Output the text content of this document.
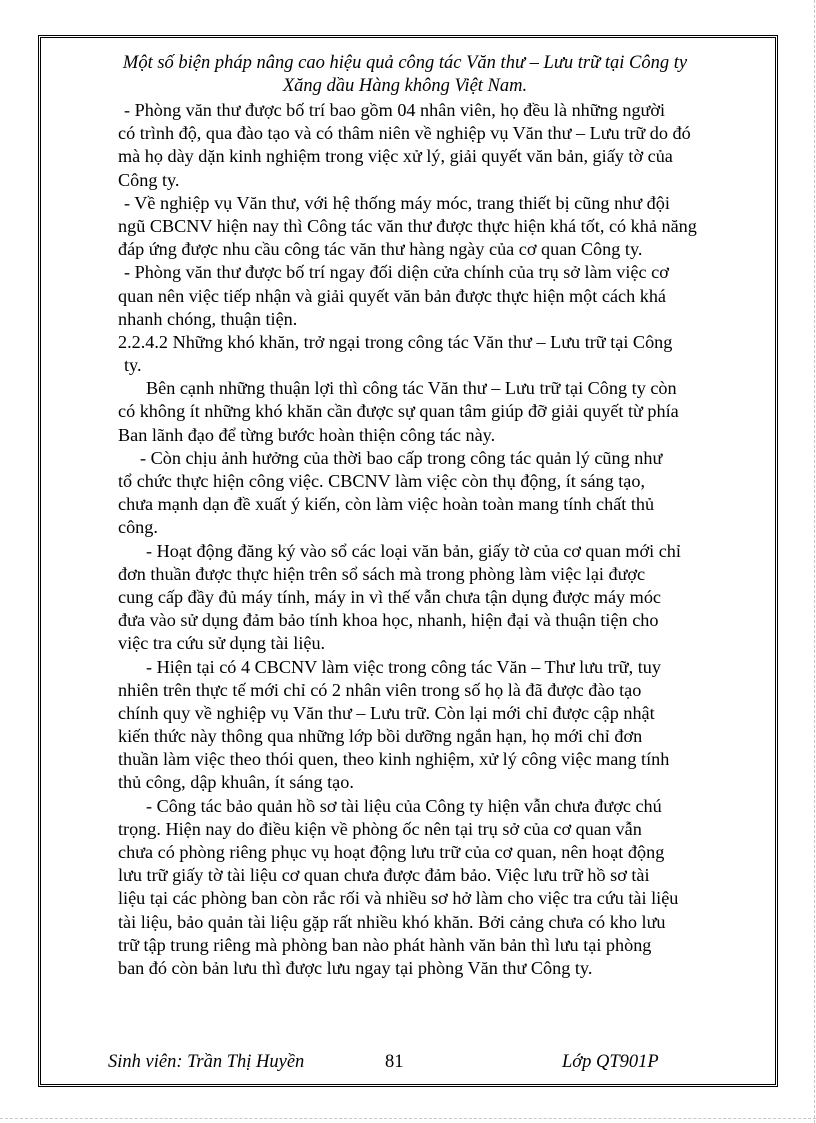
Một số biện pháp nâng cao hiệu quả công tác Văn thư – Lưu trữ tại Công ty
Xăng dầu Hàng không Việt Nam.
- Phòng văn thư được bố trí bao gồm 04 nhân viên, họ đều là những người
có trình độ, qua đào tạo và có thâm niên về nghiệp vụ Văn thư – Lưu trữ do đó
mà họ dày dặn kinh nghiệm trong việc xử lý, giải quyết văn bản, giấy tờ của
Công ty.
- Về nghiệp vụ Văn thư, với hệ thống máy móc, trang thiết bị cũng như đội
ngũ CBCNV hiện nay thì Công tác văn thư được thực hiện khá tốt, có khả năng
đáp ứng được nhu cầu công tác văn thư hàng ngày của cơ quan Công ty.
- Phòng văn thư được bố trí ngay đối diện cửa chính của trụ sở làm việc cơ
quan nên việc tiếp nhận và giải quyết văn bản được thực hiện một cách khá
nhanh chóng, thuận tiện.
2.2.4.2 Những khó khăn, trở ngại trong công tác Văn thư – Lưu trữ tại Công
ty.
Bên cạnh những thuận lợi thì công tác Văn thư – Lưu trữ tại Công ty còn
có không ít những khó khăn cần được sự quan tâm giúp đỡ giải quyết từ phía
Ban lãnh đạo để từng bước hoàn thiện công tác này.
- Còn chịu ảnh hưởng của thời bao cấp trong công tác quản lý cũng như
tổ chức thực hiện công việc. CBCNV làm việc còn thụ động, ít sáng tạo,
chưa mạnh dạn đề xuất ý kiến, còn làm việc hoàn toàn mang tính chất thủ
công.
- Hoạt động đăng ký vào sổ các loại văn bản, giấy tờ của cơ quan mới chỉ
đơn thuần được thực hiện trên sổ sách mà trong phòng làm việc lại được
cung cấp đầy đủ máy tính, máy in vì thế vẫn chưa tận dụng được máy móc
đưa vào sử dụng đảm bảo tính khoa học, nhanh, hiện đại và thuận tiện cho
việc tra cứu sử dụng tài liệu.
- Hiện tại có 4 CBCNV làm việc trong công tác Văn – Thư lưu trữ, tuy
nhiên trên thực tế mới chỉ có 2 nhân viên trong số họ là đã được đào tạo
chính quy về nghiệp vụ Văn thư – Lưu trữ. Còn lại mới chỉ được cập nhật
kiến thức này thông qua những lớp bồi dưỡng ngắn hạn, họ mới chỉ đơn
thuần làm việc theo thói quen, theo kinh nghiệm, xử lý công việc mang tính
thủ công, dập khuân, ít sáng tạo.
- Công tác bảo quản hồ sơ tài liệu của Công ty hiện vẫn chưa được chú
trọng. Hiện nay do điều kiện về phòng ốc nên tại trụ sở của cơ quan vẫn
chưa có phòng riêng phục vụ hoạt động lưu trữ của cơ quan, nên hoạt động
lưu trữ giấy tờ tài liệu cơ quan chưa được đảm bảo. Việc lưu trữ hồ sơ tài
liệu tại các phòng ban còn rắc rối và nhiều sơ hở làm cho việc tra cứu tài liệu
tài liệu, bảo quản tài liệu gặp rất nhiều khó khăn. Bởi cảng chưa có kho lưu
trữ tập trung riêng mà phòng ban nào phát hành văn bản thì lưu tại phòng
ban đó còn bản lưu thì được lưu ngay tại phòng Văn thư Công ty.
Sinh viên: Trần Thị Huyền	81	Lớp QT901P
